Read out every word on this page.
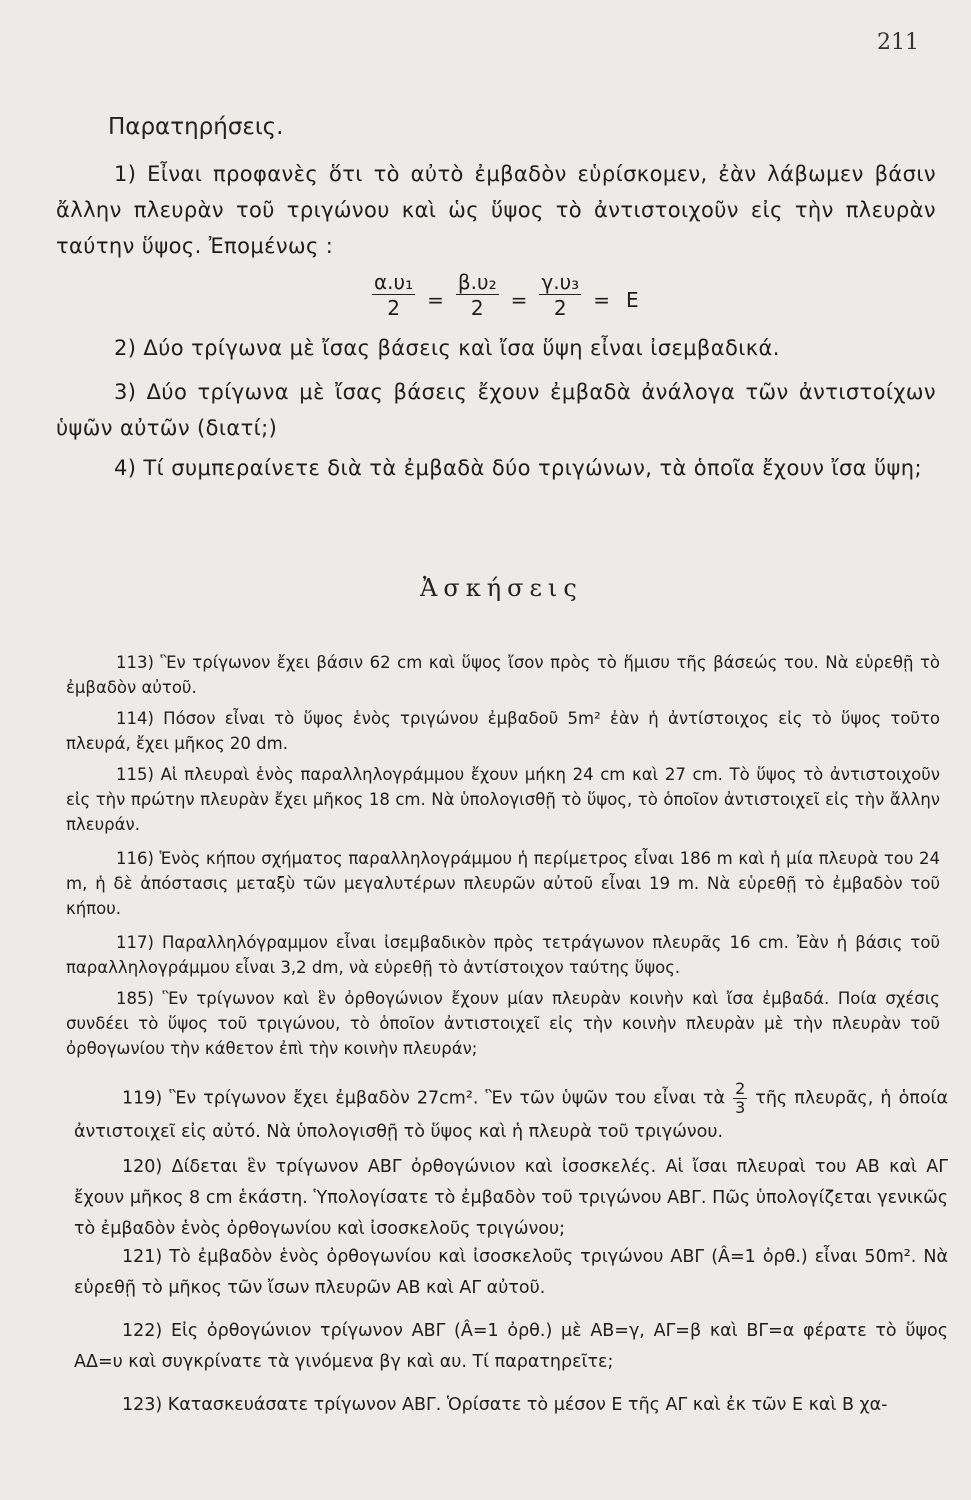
211
Παρατηρήσεις.

1) Εἶναι προφανὲς ὅτι τὸ αὐτὸ ἐμβαδὸν εὑρίσκομεν, ἐὰν λάβωμεν βάσιν ἄλλην πλευρὰν τοῦ τριγώνου καὶ ὡς ὕψος τὸ ἀντιστοιχοῦν εἰς τὴν πλευρὰν ταύτην ὕψος. Ἐπομένως :

$\frac{\text{α.υ₁}}{2} = \frac{\text{β.υ₂}}{2} = \frac{\text{γ.υ₃}}{2} = E$

2) Δύο τρίγωνα μὲ ἴσας βάσεις καὶ ἴσα ὕψη εἶναι ἰσεμβαδικά.

3) Δύο τρίγωνα μὲ ἴσας βάσεις ἔχουν ἐμβαδὰ ἀνάλογα τῶν ἀντιστοίχων ὑψῶν αὐτῶν (διατί;)

4) Τί συμπεραίνετε διὰ τὰ ἐμβαδὰ δύο τριγώνων, τὰ ὁποῖα ἔχουν ἴσα ὕψη;

Ἀσκήσεις

113) Ἓν τρίγωνον ἔχει βάσιν 62 cm καὶ ὕψος ἴσον πρὸς τὸ ἥμισυ τῆς βάσεώς του. Νὰ εὑρεθῇ τὸ ἐμβαδὸν αὐτοῦ.

114) Πόσον εἶναι τὸ ὕψος ἑνὸς τριγώνου ἐμβαδοῦ 5m² ἐὰν ἡ ἀντίστοιχος εἰς τὸ ὕψος τοῦτο πλευρά, ἔχει μῆκος 20 dm.

115) Αἱ πλευραὶ ἑνὸς παραλληλογράμμου ἔχουν μήκη 24 cm καὶ 27 cm. Τὸ ὕψος τὸ ἀντιστοιχοῦν εἰς τὴν πρώτην πλευρὰν ἔχει μῆκος 18 cm. Νὰ ὑπολογισθῇ τὸ ὕψος, τὸ ὁποῖον ἀντιστοιχεῖ εἰς τὴν ἄλλην πλευράν.

116) Ἑνὸς κήπου σχήματος παραλληλογράμμου ἡ περίμετρος εἶναι 186 m καὶ ἡ μία πλευρὰ του 24 m, ἡ δὲ ἀπόστασις μεταξὺ τῶν μεγαλυτέρων πλευρῶν αὐτοῦ εἶναι 19 m. Νὰ εὑρεθῇ τὸ ἐμβαδὸν τοῦ κήπου.

117) Παραλληλόγραμμον εἶναι ἰσεμβαδικὸν πρὸς τετράγωνον πλευρᾶς 16 cm. Ἐὰν ἡ βάσις τοῦ παραλληλογράμμου εἶναι 3,2 dm, νὰ εὑρεθῇ τὸ ἀντίστοιχον ταύτης ὕψος.

185) Ἓν τρίγωνον καὶ ἓν ὀρθογώνιον ἔχουν μίαν πλευρὰν κοινὴν καὶ ἴσα ἐμβαδά. Ποία σχέσις συνδέει τὸ ὕψος τοῦ τριγώνου, τὸ ὁποῖον ἀντιστοιχεῖ εἰς τὴν κοινὴν πλευρὰν μὲ τὴν πλευρὰν τοῦ ὀρθογωνίου τὴν κάθετον ἐπὶ τὴν κοινὴν πλευράν;

119) Ἓν τρίγωνον ἔχει ἐμβαδὸν 27cm². Ἓν τῶν ὑψῶν του εἶναι τὰ $\frac{2}{3}$ τῆς πλευρᾶς, ἡ ὁποία ἀντιστοιχεῖ εἰς αὐτό. Νὰ ὑπολογισθῇ τὸ ὕψος καὶ ἡ πλευρὰ τοῦ τριγώνου.

120) Δίδεται ἓν τρίγωνον ΑΒΓ ὀρθογώνιον καὶ ἰσοσκελές. Αἱ ἴσαι πλευραὶ του ΑΒ καὶ ΑΓ ἔχουν μῆκος 8 cm ἑκάστη. Ὑπολογίσατε τὸ ἐμβαδὸν τοῦ τριγώνου ΑΒΓ. Πῶς ὑπολογίζεται γενικῶς τὸ ἐμβαδὸν ἑνὸς ὀρθογωνίου καὶ ἰσοσκελοῦς τριγώνου;

121) Τὸ ἐμβαδὸν ἑνὸς ὀρθογωνίου καὶ ἰσοσκελοῦς τριγώνου ΑΒΓ (Â=1 ὀρθ.) εἶναι 50m². Νὰ εὑρεθῇ τὸ μῆκος τῶν ἴσων πλευρῶν ΑΒ καὶ ΑΓ αὐτοῦ.

122) Εἰς ὀρθογώνιον τρίγωνον ΑΒΓ (Â=1 ὀρθ.) μὲ ΑΒ=γ, ΑΓ=β καὶ ΒΓ=α φέρατε τὸ ὕψος ΑΔ=υ καὶ συγκρίνατε τὰ γινόμενα βγ καὶ αυ. Τί παρατηρεῖτε;

123) Κατασκευάσατε τρίγωνον ΑΒΓ. Ὁρίσατε τὸ μέσον Ε τῆς ΑΓ καὶ ἐκ τῶν Ε καὶ Β χα-
